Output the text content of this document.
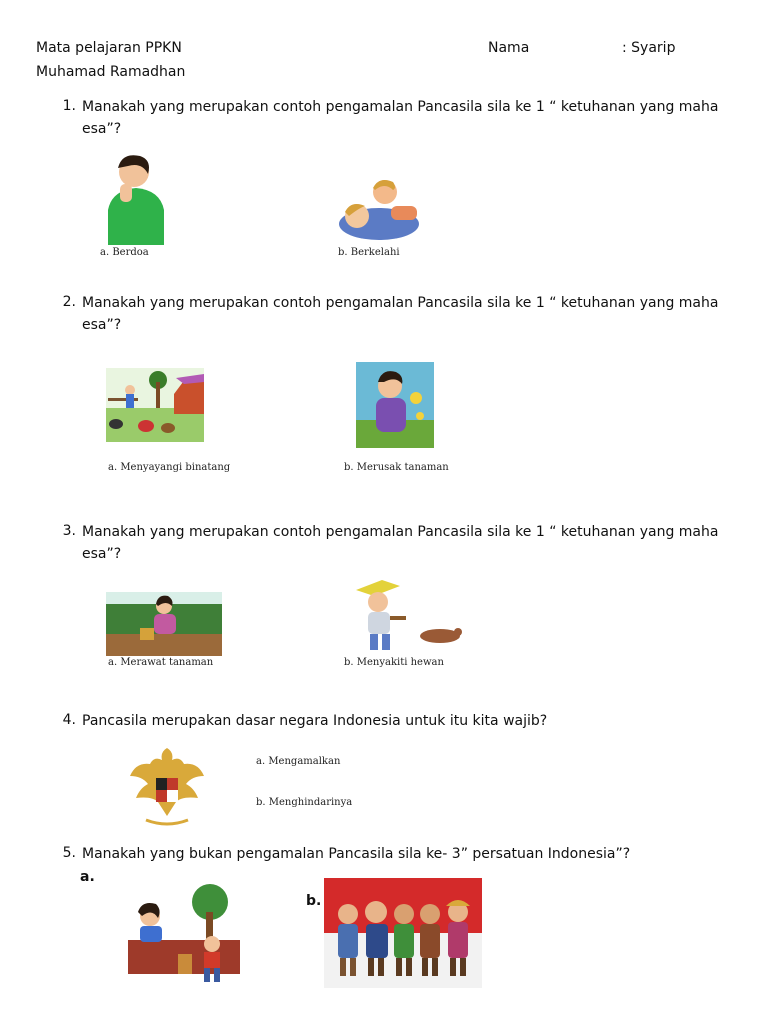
Mata pelajaran PPKN	Nama	: Syarip
Muhamad Ramadhan
1. Manakah yang merupakan contoh pengamalan Pancasila sila ke 1 “ ketuhanan yang maha esa”?
a. Berdoa	b. Berkelahi
2. Manakah yang merupakan contoh pengamalan Pancasila sila ke 1 “ ketuhanan yang maha esa”?
a. Menyayangi binatang	b. Merusak tanaman
3. Manakah yang merupakan contoh pengamalan Pancasila sila ke 1 “ ketuhanan yang maha esa”?
a. Merawat tanaman	b. Menyakiti hewan
4. Pancasila merupakan dasar negara Indonesia untuk itu kita wajib?
a. Mengamalkan
b. Menghindarinya
5. Manakah yang bukan pengamalan Pancasila sila ke- 3” persatuan Indonesia”?
a.
b.
